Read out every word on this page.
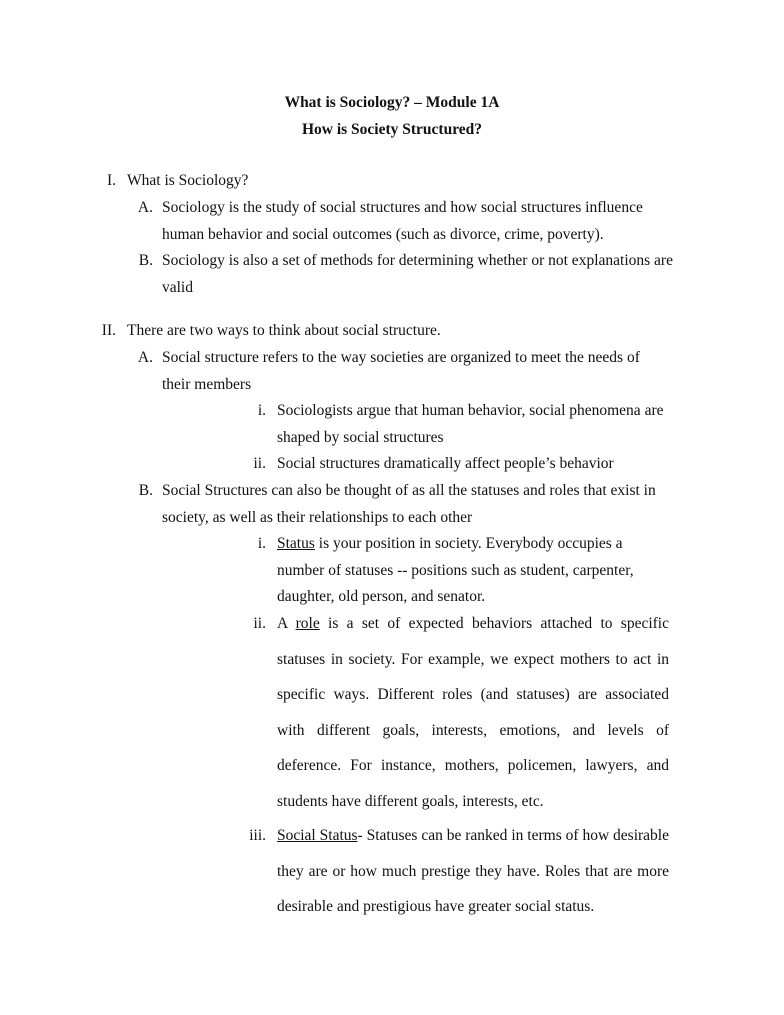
What is Sociology? – Module 1A
How is Society Structured?
I. What is Sociology?
A. Sociology is the study of social structures and how social structures influence human behavior and social outcomes (such as divorce, crime, poverty).
B. Sociology is also a set of methods for determining whether or not explanations are valid
II. There are two ways to think about social structure.
A. Social structure refers to the way societies are organized to meet the needs of their members
i. Sociologists argue that human behavior, social phenomena are shaped by social structures
ii. Social structures dramatically affect people’s behavior
B. Social Structures can also be thought of as all the statuses and roles that exist in society, as well as their relationships to each other
i. Status is your position in society. Everybody occupies a number of statuses -- positions such as student, carpenter, daughter, old person, and senator.
ii. A role is a set of expected behaviors attached to specific statuses in society. For example, we expect mothers to act in specific ways. Different roles (and statuses) are associated with different goals, interests, emotions, and levels of deference. For instance, mothers, policemen, lawyers, and students have different goals, interests, etc.
iii. Social Status- Statuses can be ranked in terms of how desirable they are or how much prestige they have. Roles that are more desirable and prestigious have greater social status.
